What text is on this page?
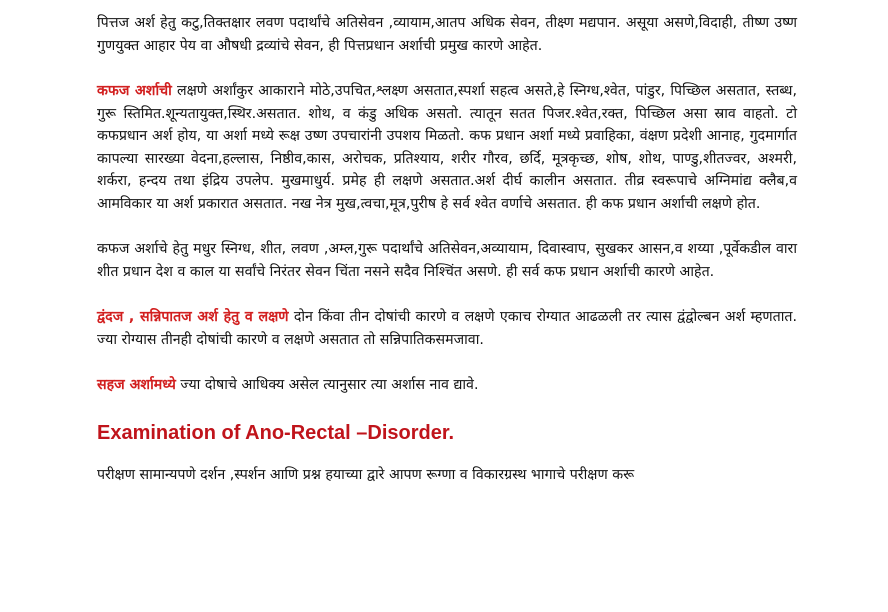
पित्तज अर्श हेतु कटु,तिक्तक्षार लवण पदार्थांचे अतिसेवन ,व्यायाम,आतप अधिक सेवन, तीक्ष्ण मद्यपान. असूया असणे,विदाही, तीष्ण उष्ण गुणयुक्त आहार पेय वा औषधी द्रव्यांचे सेवन, ही पित्तप्रधान अर्शाची प्रमुख कारणे आहेत.

कफज अर्शाची लक्षणे अर्शांकुर आकाराने मोठे,उपचित,श्लक्ष्ण असतात,स्पर्शा सहत्व असते,हे स्निग्ध,श्वेत, पांडुर, पिच्छिल असतात, स्तब्ध, गुरू स्तिमित.शून्यतायुक्त,स्थिर.असतात. शोथ, व कंडु अधिक असतो. त्यातून सतत पिजर.श्वेत,रक्त, पिच्छिल असा स्राव वाहतो. टो कफप्रधान अर्श होय, या अर्शा मध्ये रूक्ष उष्ण उपचारांनी उपशय मिळतो. कफ प्रधान अर्शा मध्ये प्रवाहिका, वंक्षण प्रदेशी आनाह, गुदमार्गात कापल्या सारख्या वेदना,हल्लास, निष्ठीव,कास, अरोचक, प्रतिश्याय, शरीर गौरव, छर्दि, मूत्रकृच्छ, शोष, शोथ, पाण्डु,शीतज्वर, अश्मरी, शर्करा, हन्दय तथा इंद्रिय उपलेप. मुखमाधुर्य. प्रमेह ही लक्षणे असतात.अर्श दीर्घ कालीन असतात. तीव्र स्वरूपाचे अग्निमांद्य क्लैब,व आमविकार या अर्श प्रकारात असतात. नख नेत्र मुख,त्वचा,मूत्र,पुरीष हे सर्व श्वेत वर्णाचे असतात. ही कफ प्रधान अर्शाची लक्षणे होत.

कफज अर्शाचे हेतु मधुर स्निग्ध, शीत, लवण ,अम्ल,गुरू पदार्थांचे अतिसेवन,अव्यायाम, दिवास्वाप, सुखकर आसन,व शय्या ,पूर्वेकडील वारा शीत प्रधान देश व काल या सर्वांचे निरंतर सेवन चिंता नसने सदैव निश्चिंत असणे. ही सर्व कफ प्रधान अर्शाची कारणे आहेत.

द्वंदज , सन्निपातज अर्श हेतु व लक्षणे दोन किंवा तीन दोषांची कारणे व लक्षणे एकाच रोग्यात आढळली तर त्यास द्वंद्वोल्बन अर्श म्हणतात. ज्या रोग्यास तीनही दोषांची कारणे व लक्षणे असतात तो सन्निपातिकसमजावा.

सहज अर्शामध्ये ज्या दोषाचे आधिक्य असेल त्यानुसार त्या अर्शास नाव द्यावे.

Examination of Ano-Rectal –Disorder.

परीक्षण सामान्यपणे दर्शन ,स्पर्शन आणि प्रश्न हयाच्या द्वारे आपण रूग्णा व विकारग्रस्थ भागाचे परीक्षण करू
